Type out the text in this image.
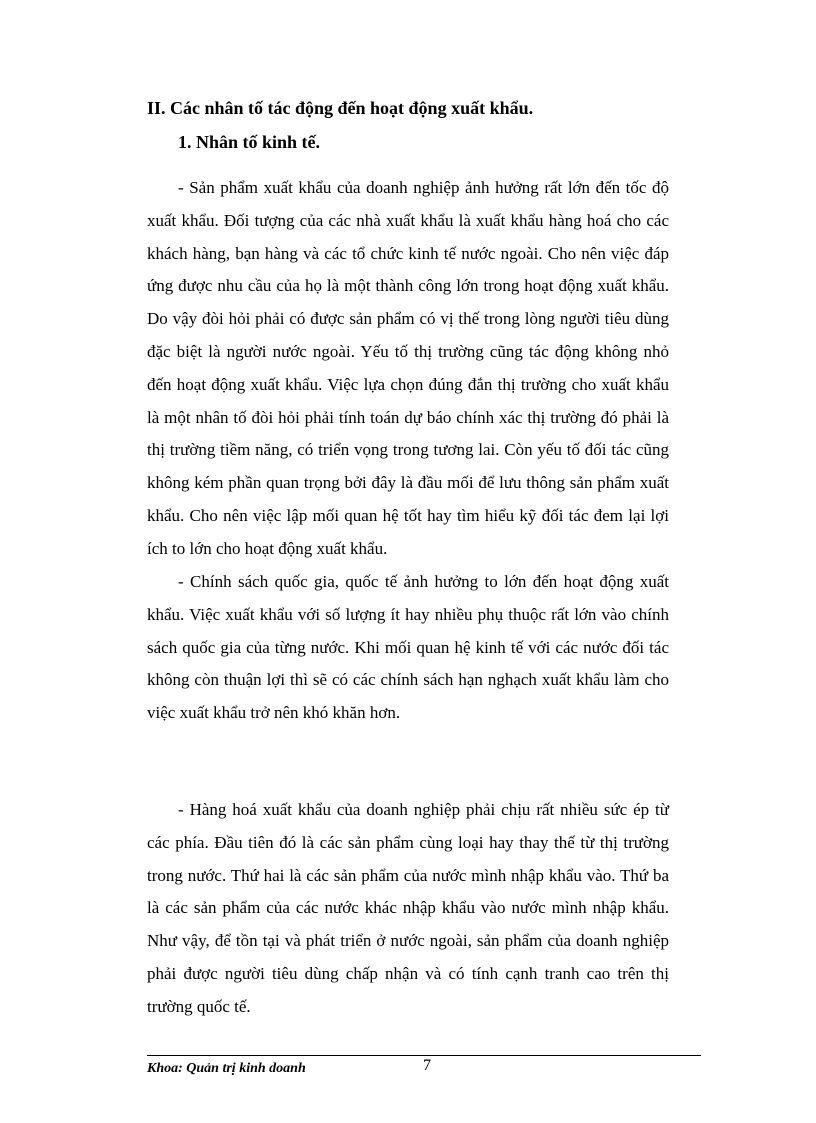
II. Các nhân tố tác động đến hoạt động xuất khẩu.
1. Nhân tố kinh tế.

- Sản phẩm xuất khẩu của doanh nghiệp ảnh hưởng rất lớn đến tốc độ xuất khẩu. Đối tượng của các nhà xuất khẩu là xuất khẩu hàng hoá cho các khách hàng, bạn hàng và các tổ chức kinh tế nước ngoài. Cho nên việc đáp ứng được nhu cầu của họ là một thành công lớn trong hoạt động xuất khẩu. Do vậy đòi hỏi phải có được sản phẩm có vị thế trong lòng người tiêu dùng đặc biệt là người nước ngoài. Yếu tố thị trường cũng tác động không nhỏ đến hoạt động xuất khẩu. Việc lựa chọn đúng đắn thị trường cho xuất khẩu là một nhân tố đòi hỏi phải tính toán dự báo chính xác thị trường đó phải là thị trường tiềm năng, có triển vọng trong tương lai. Còn yếu tố đối tác cũng không kém phần quan trọng bởi đây là đầu mối để lưu thông sản phẩm xuất khẩu. Cho nên việc lập mối quan hệ tốt hay tìm hiểu kỹ đối tác đem lại lợi ích to lớn cho hoạt động xuất khẩu.

- Chính sách quốc gia, quốc tế ảnh hưởng to lớn đến hoạt động xuất khẩu. Việc xuất khẩu với số lượng ít hay nhiều phụ thuộc rất lớn vào chính sách quốc gia của từng nước. Khi mối quan hệ kinh tế với các nước đối tác không còn thuận lợi thì sẽ có các chính sách hạn nghạch xuất khẩu làm cho việc xuất khẩu trở nên khó khăn hơn.

- Hàng hoá xuất khẩu của doanh nghiệp phải chịu rất nhiều sức ép từ các phía. Đầu tiên đó là các sản phẩm cùng loại hay thay thế từ thị trường trong nước. Thứ hai là các sản phẩm của nước mình nhập khẩu vào. Thứ ba là các sản phẩm của các nước khác nhập khẩu vào nước mình nhập khẩu. Như vậy, để tồn tại và phát triển ở nước ngoài, sản phẩm của doanh nghiệp phải được người tiêu dùng chấp nhận và có tính cạnh tranh cao trên thị trường quốc tế.

Khoa: Quản trị kinh doanh	7
